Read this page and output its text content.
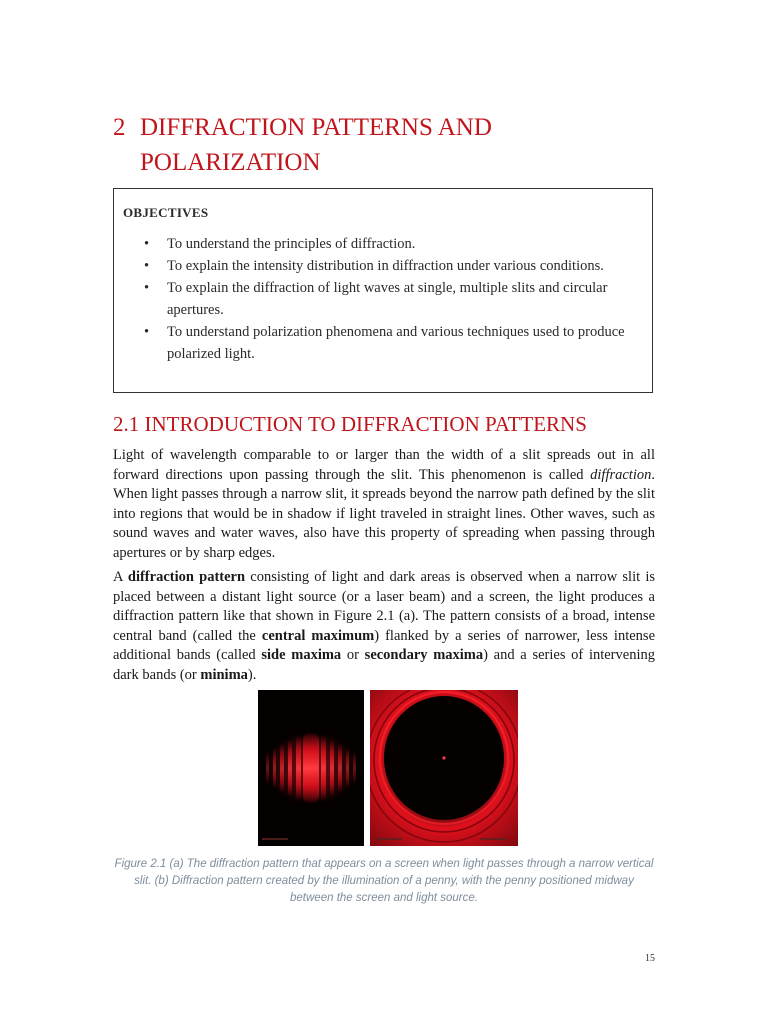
2 DIFFRACTION PATTERNS AND
POLARIZATION
OBJECTIVES
• To understand the principles of diffraction.
• To explain the intensity distribution in diffraction under various conditions.
• To explain the diffraction of light waves at single, multiple slits and circular apertures.
• To understand polarization phenomena and various techniques used to produce polarized light.
2.1 INTRODUCTION TO DIFFRACTION PATTERNS

Light of wavelength comparable to or larger than the width of a slit spreads out in all forward directions upon passing through the slit. This phenomenon is called diffraction. When light passes through a narrow slit, it spreads beyond the narrow path defined by the slit into regions that would be in shadow if light traveled in straight lines. Other waves, such as sound waves and water waves, also have this property of spreading when passing through apertures or by sharp edges.

A diffraction pattern consisting of light and dark areas is observed when a narrow slit is placed between a distant light source (or a laser beam) and a screen, the light produces a diffraction pattern like that shown in Figure 2.1 (a). The pattern consists of a broad, intense central band (called the central maximum) flanked by a series of narrower, less intense additional bands (called side maxima or secondary maxima) and a series of intervening dark bands (or minima).

Figure 2.1 (a) The diffraction pattern that appears on a screen when light passes through a narrow vertical slit. (b) Diffraction pattern created by the illumination of a penny, with the penny positioned midway between the screen and light source.

15
